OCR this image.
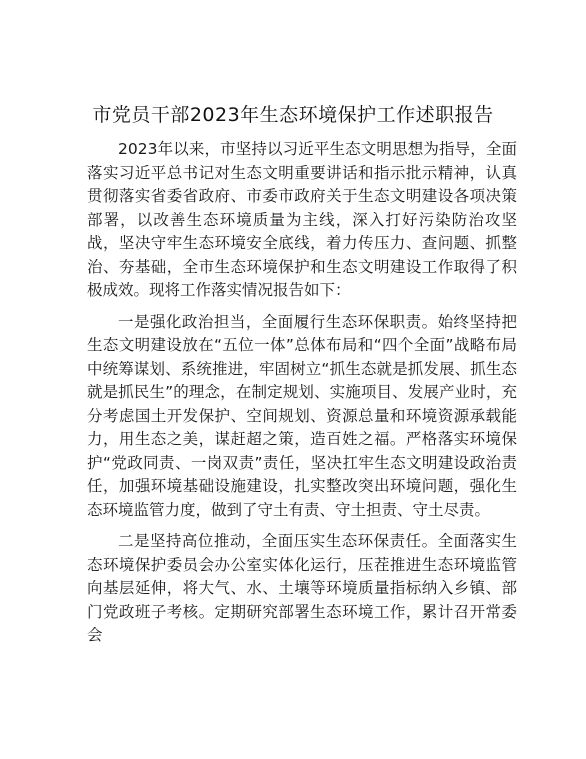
市党员干部2023年生态环境保护工作述职报告

2023年以来，市坚持以习近平生态文明思想为指导，全面落实习近平总书记对生态文明重要讲话和指示批示精神，认真贯彻落实省委省政府、市委市政府关于生态文明建设各项决策部署，以改善生态环境质量为主线，深入打好污染防治攻坚战，坚决守牢生态环境安全底线，着力传压力、查问题、抓整治、夯基础，全市生态环境保护和生态文明建设工作取得了积极成效。现将工作落实情况报告如下：

一是强化政治担当，全面履行生态环保职责。始终坚持把生态文明建设放在“五位一体”总体布局和“四个全面”战略布局中统筹谋划、系统推进，牢固树立“抓生态就是抓发展、抓生态就是抓民生”的理念，在制定规划、实施项目、发展产业时，充分考虑国土开发保护、空间规划、资源总量和环境资源承载能力，用生态之美，谋赶超之策，造百姓之福。严格落实环境保护“党政同责、一岗双责”责任，坚决扛牢生态文明建设政治责任，加强环境基础设施建设，扎实整改突出环境问题，强化生态环境监管力度，做到了守土有责、守土担责、守土尽责。

二是坚持高位推动，全面压实生态环保责任。全面落实生态环境保护委员会办公室实体化运行，压茬推进生态环境监管向基层延伸，将大气、水、土壤等环境质量指标纳入乡镇、部门党政班子考核。定期研究部署生态环境工作，累计召开常委会
